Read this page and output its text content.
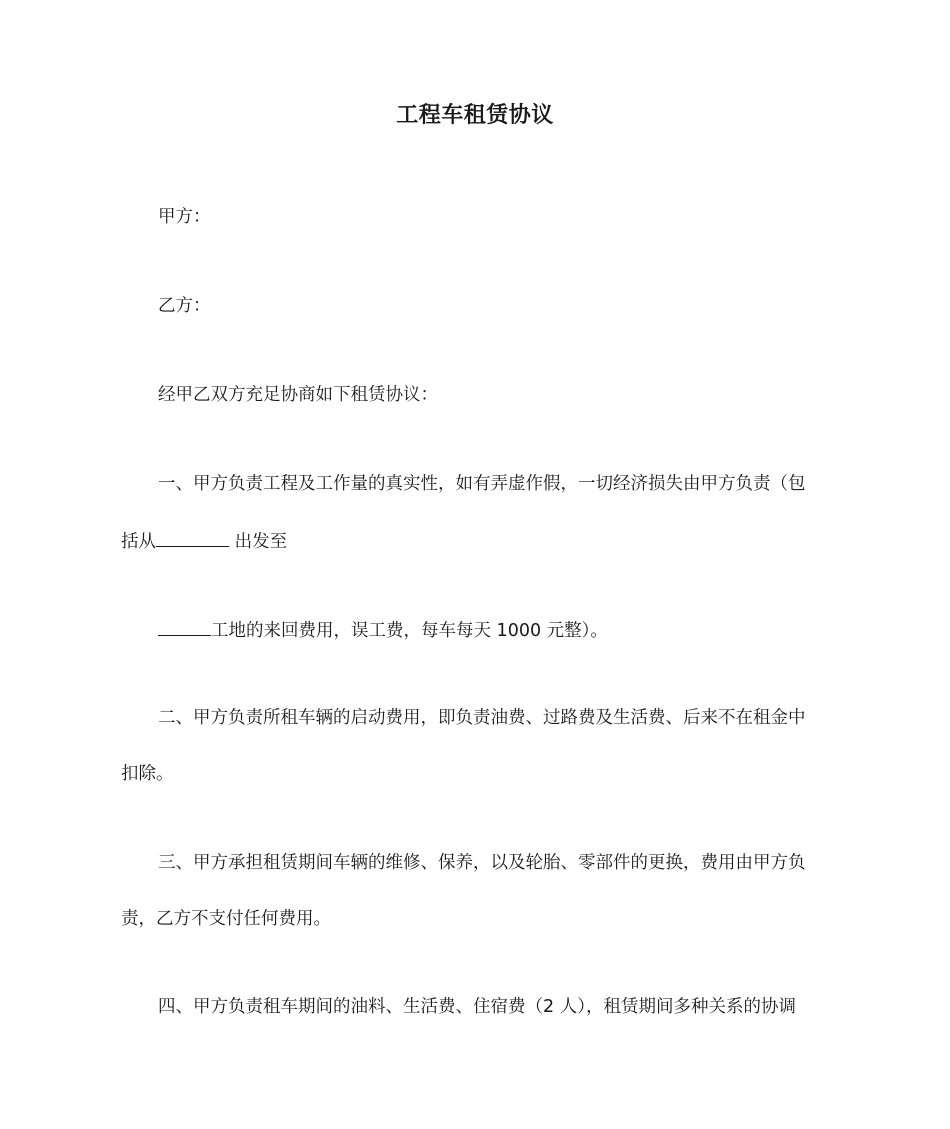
工程车租赁协议
甲方：
乙方：
经甲乙双方充足协商如下租赁协议：
一、甲方负责工程及工作量的真实性，如有弄虚作假，一切经济损失由甲方负责（包
括从	出发至
工地的来回费用，误工费，每车每天 1000 元整）。
二、甲方负责所租车辆的启动费用，即负责油费、过路费及生活费、后来不在租金中
扣除。
三、甲方承担租赁期间车辆的维修、保养，以及轮胎、零部件的更换，费用由甲方负
责，乙方不支付任何费用。
四、甲方负责租车期间的油料、生活费、住宿费（2 人），租赁期间多种关系的协调
